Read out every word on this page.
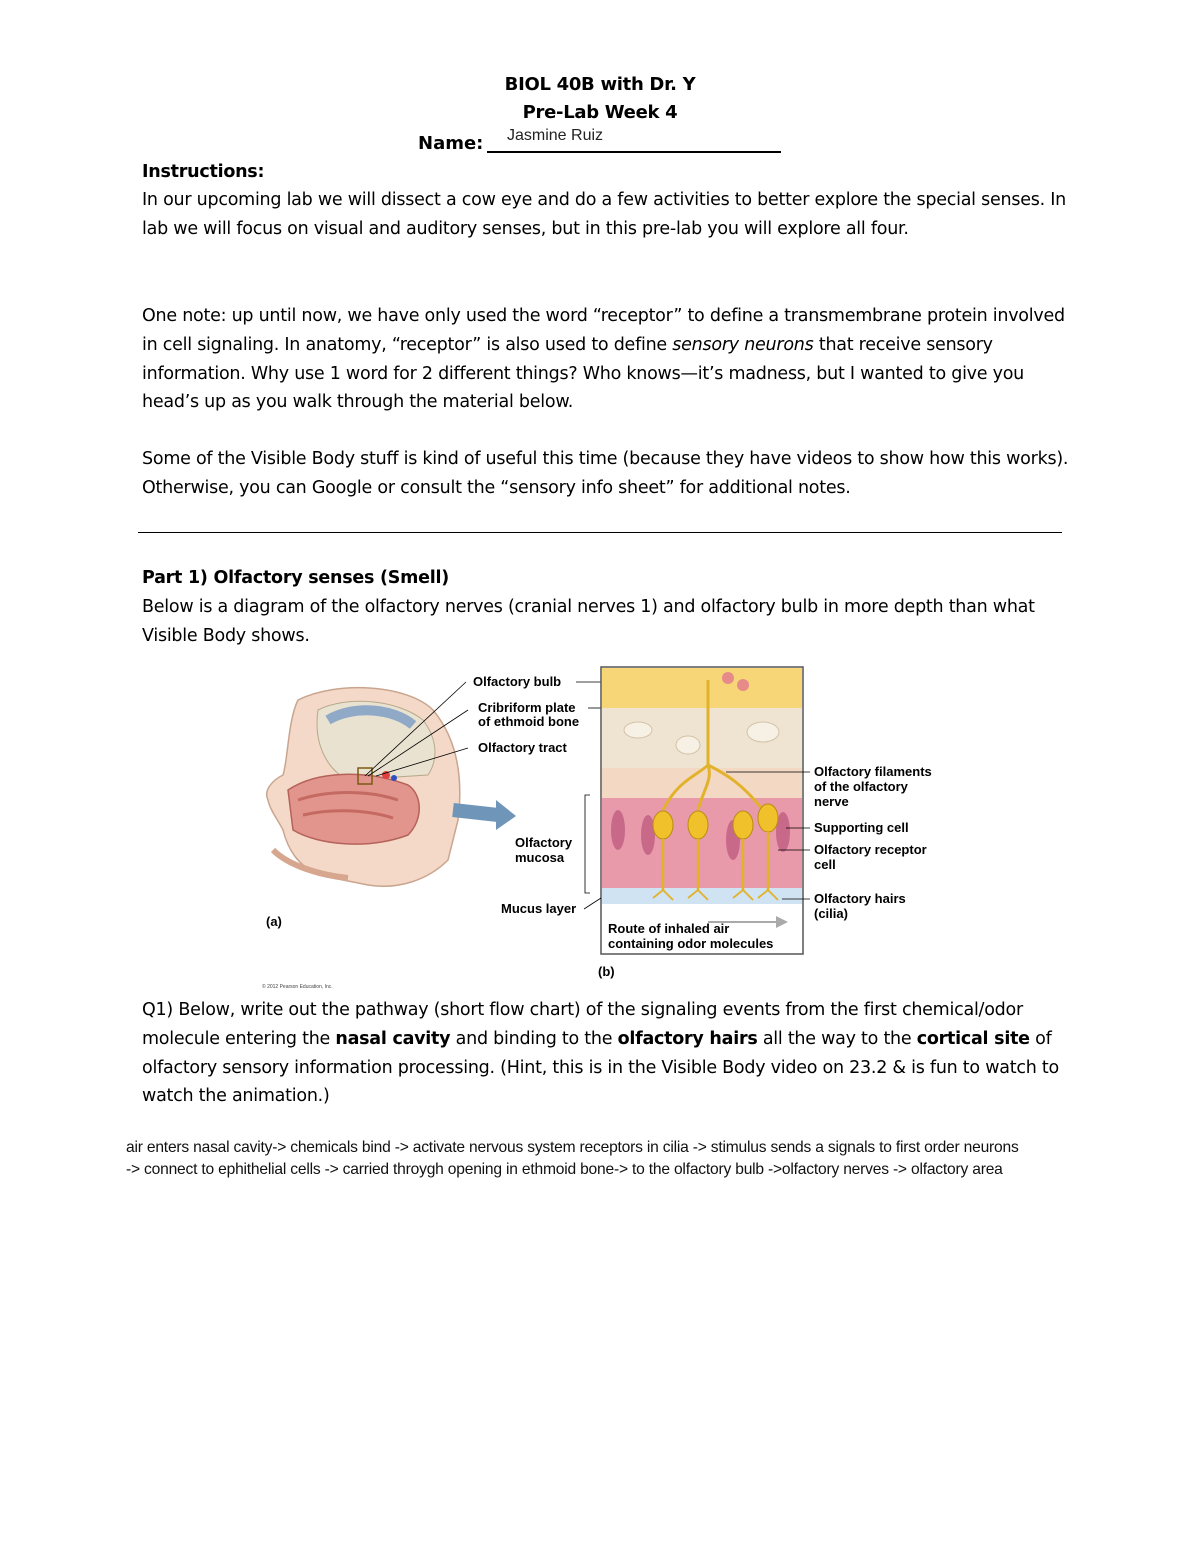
BIOL 40B with Dr. Y
Pre-Lab Week 4
Name: Jasmine Ruiz
Instructions:
In our upcoming lab we will dissect a cow eye and do a few activities to better explore the special senses. In lab we will focus on visual and auditory senses, but in this pre-lab you will explore all four.
One note: up until now, we have only used the word “receptor” to define a transmembrane protein involved in cell signaling. In anatomy, “receptor” is also used to define sensory neurons that receive sensory information. Why use 1 word for 2 different things? Who knows—it’s madness, but I wanted to give you head’s up as you walk through the material below.
Some of the Visible Body stuff is kind of useful this time (because they have videos to show how this works). Otherwise, you can Google or consult the “sensory info sheet” for additional notes.
Part 1) Olfactory senses (Smell)
Below is a diagram of the olfactory nerves (cranial nerves 1) and olfactory bulb in more depth than what Visible Body shows.
Olfactory bulb
Cribriform plate
of ethmoid bone
Olfactory tract
(a)
© 2012 Pearson Education, Inc.
Route of inhaled air
containing odor molecules
(b)
Olfactory
mucosa
Mucus layer
Olfactory filaments
of the olfactory
nerve
Supporting cell
Olfactory receptor
cell
Olfactory hairs
(cilia)
Q1) Below, write out the pathway (short flow chart) of the signaling events from the first chemical/odor molecule entering the nasal cavity and binding to the olfactory hairs all the way to the cortical site of olfactory sensory information processing. (Hint, this is in the Visible Body video on 23.2 & is fun to watch to watch the animation.)
air enters nasal cavity-> chemicals bind -> activate nervous system receptors in cilia -> stimulus sends a signals to first order neurons
-> connect to ephithelial cells -> carried throygh opening in ethmoid bone-> to the olfactory bulb ->olfactory nerves -> olfactory area
